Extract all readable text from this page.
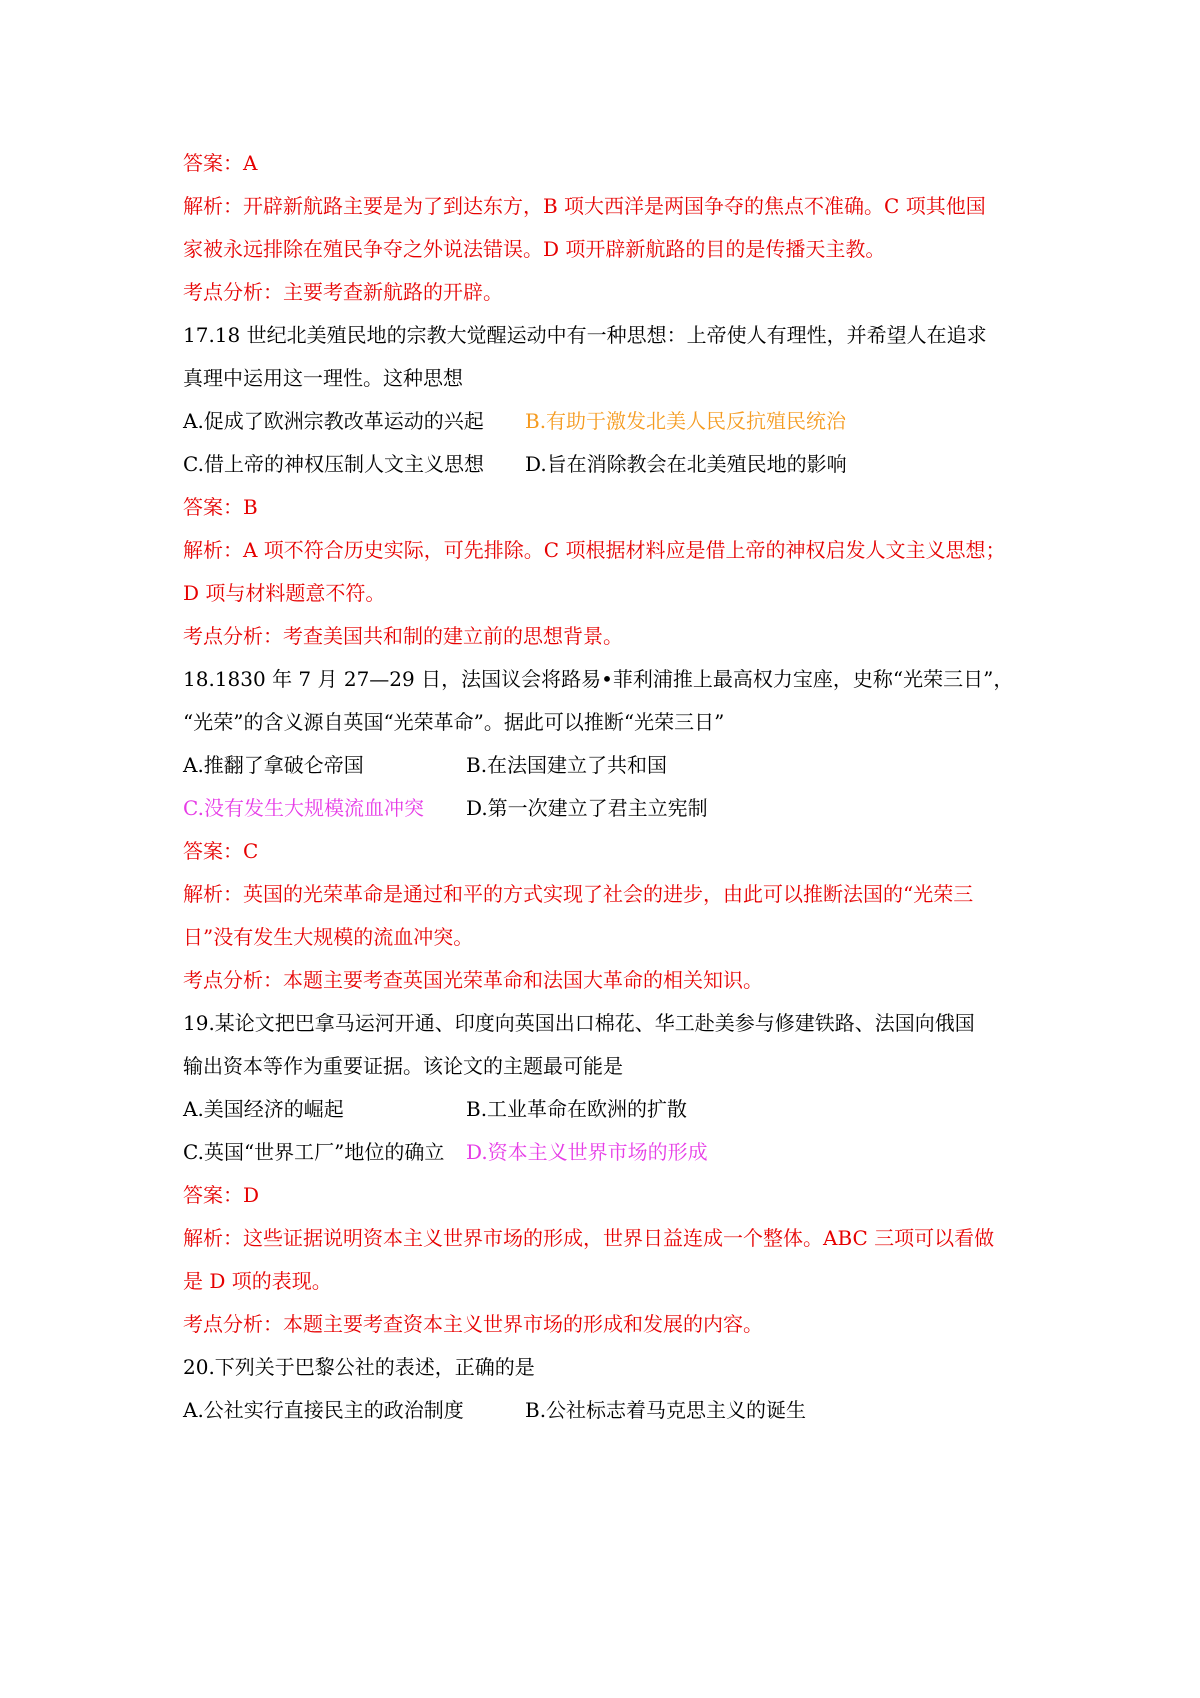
答案：A
解析：开辟新航路主要是为了到达东方，B 项大西洋是两国争夺的焦点不准确。C 项其他国
家被永远排除在殖民争夺之外说法错误。D 项开辟新航路的目的是传播天主教。
考点分析：主要考查新航路的开辟。
17.18 世纪北美殖民地的宗教大觉醒运动中有一种思想：上帝使人有理性，并希望人在追求
真理中运用这一理性。这种思想
A.促成了欧洲宗教改革运动的兴起 B.有助于激发北美人民反抗殖民统治
C.借上帝的神权压制人文主义思想 D.旨在消除教会在北美殖民地的影响
答案：B
解析：A 项不符合历史实际，可先排除。C 项根据材料应是借上帝的神权启发人文主义思想；
D 项与材料题意不符。
考点分析：考查美国共和制的建立前的思想背景。
18.1830 年 7 月 27—29 日，法国议会将路易•菲利浦推上最高权力宝座，史称“光荣三日”，
“光荣”的含义源自英国“光荣革命”。据此可以推断“光荣三日”
A.推翻了拿破仑帝国	B.在法国建立了共和国
C.没有发生大规模流血冲突 D.第一次建立了君主立宪制
答案：C
解析：英国的光荣革命是通过和平的方式实现了社会的进步，由此可以推断法国的“光荣三
日”没有发生大规模的流血冲突。
考点分析：本题主要考查英国光荣革命和法国大革命的相关知识。
19.某论文把巴拿马运河开通、印度向英国出口棉花、华工赴美参与修建铁路、法国向俄国
输出资本等作为重要证据。该论文的主题最可能是
A.美国经济的崛起	B.工业革命在欧洲的扩散
C.英国“世界工厂”地位的确立 D.资本主义世界市场的形成
答案：D
解析：这些证据说明资本主义世界市场的形成，世界日益连成一个整体。ABC 三项可以看做
是 D 项的表现。
考点分析：本题主要考查资本主义世界市场的形成和发展的内容。
20.下列关于巴黎公社的表述，正确的是
A.公社实行直接民主的政治制度	B.公社标志着马克思主义的诞生
